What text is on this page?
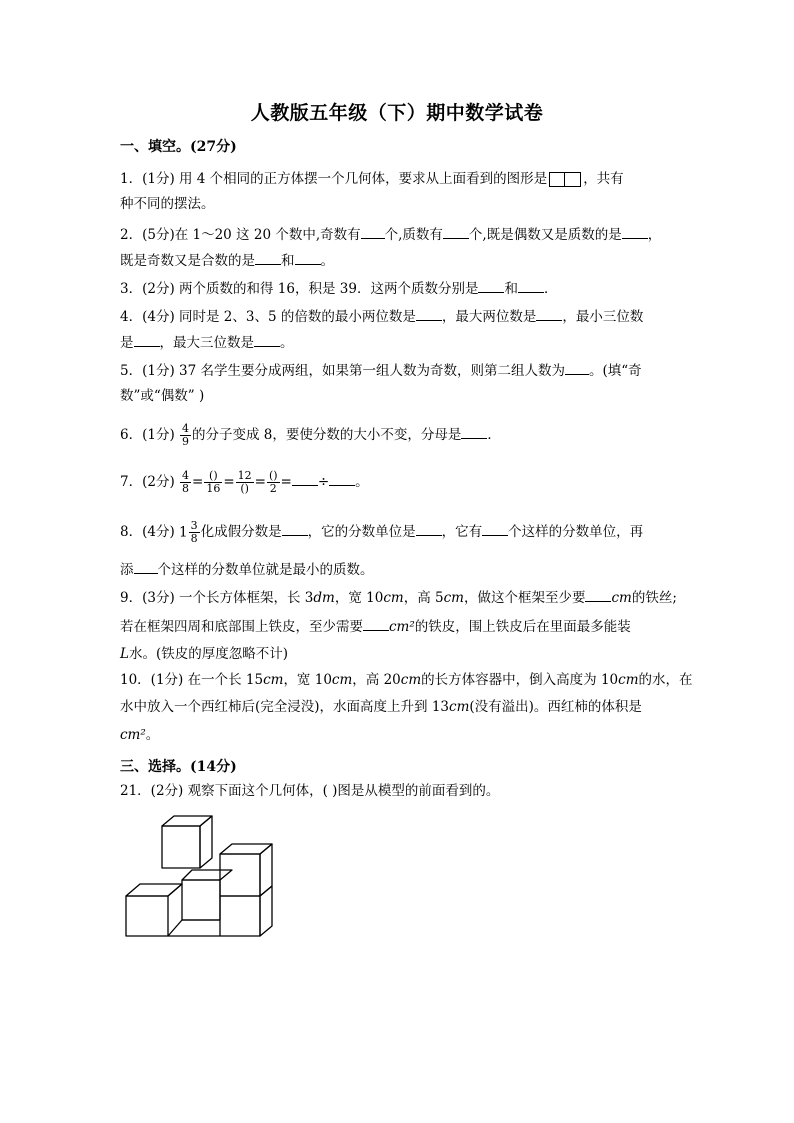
人教版五年级（下）期中数学试卷
一、填空。(27分)
1．(1分) 用 4 个相同的正方体摆一个几何体，要求从上面看到的图形是	，共有
种不同的摆法。
2．(5分)在 1～20 这 20 个数中,奇数有 个,质数有 个,既是偶数又是质数的是 ，
既是奇数又是合数的是 和 。
3．(2分) 两个质数的和得 16，积是 39．这两个质数分别是 和 ．
4．(4分) 同时是 2、3、5 的倍数的最小两位数是 ，最大两位数是 ，最小三位数
是 ，最大三位数是 。
5．(1分) 37 名学生要分成两组，如果第一组人数为奇数，则第二组人数为 。(填“奇
数”或“偶数” )
6．(1分) $\frac{4}{9}$ 的分子变成 8，要使分数的大小不变，分母是 ．
7．(2分) $\frac{4}{8} = \frac{()}{16} = \frac{12}{()} = \frac{()}{2}$ = ÷ 。
8．(4分) $1 \frac{3}{8}$ 化成假分数是 ，它的分数单位是 ，它有 个这样的分数单位，再
添 个这样的分数单位就是最小的质数。
9．(3分) 一个长方体框架，长 3dm，宽 10cm，高 5cm，做这个框架至少要 cm的铁丝;
若在框架四周和底部围上铁皮，至少需要 cm²的铁皮，围上铁皮后在里面最多能装
L水。(铁皮的厚度忽略不计)
10．(1分) 在一个长 15cm，宽 10cm，高 20cm的长方体容器中，倒入高度为 10cm的水，在
水中放入一个西红柿后(完全浸没)，水面高度上升到 13cm(没有溢出)。西红柿的体积是
cm²。
三、选择。(14分)
21．(2分) 观察下面这个几何体，( )图是从模型的前面看到的。
